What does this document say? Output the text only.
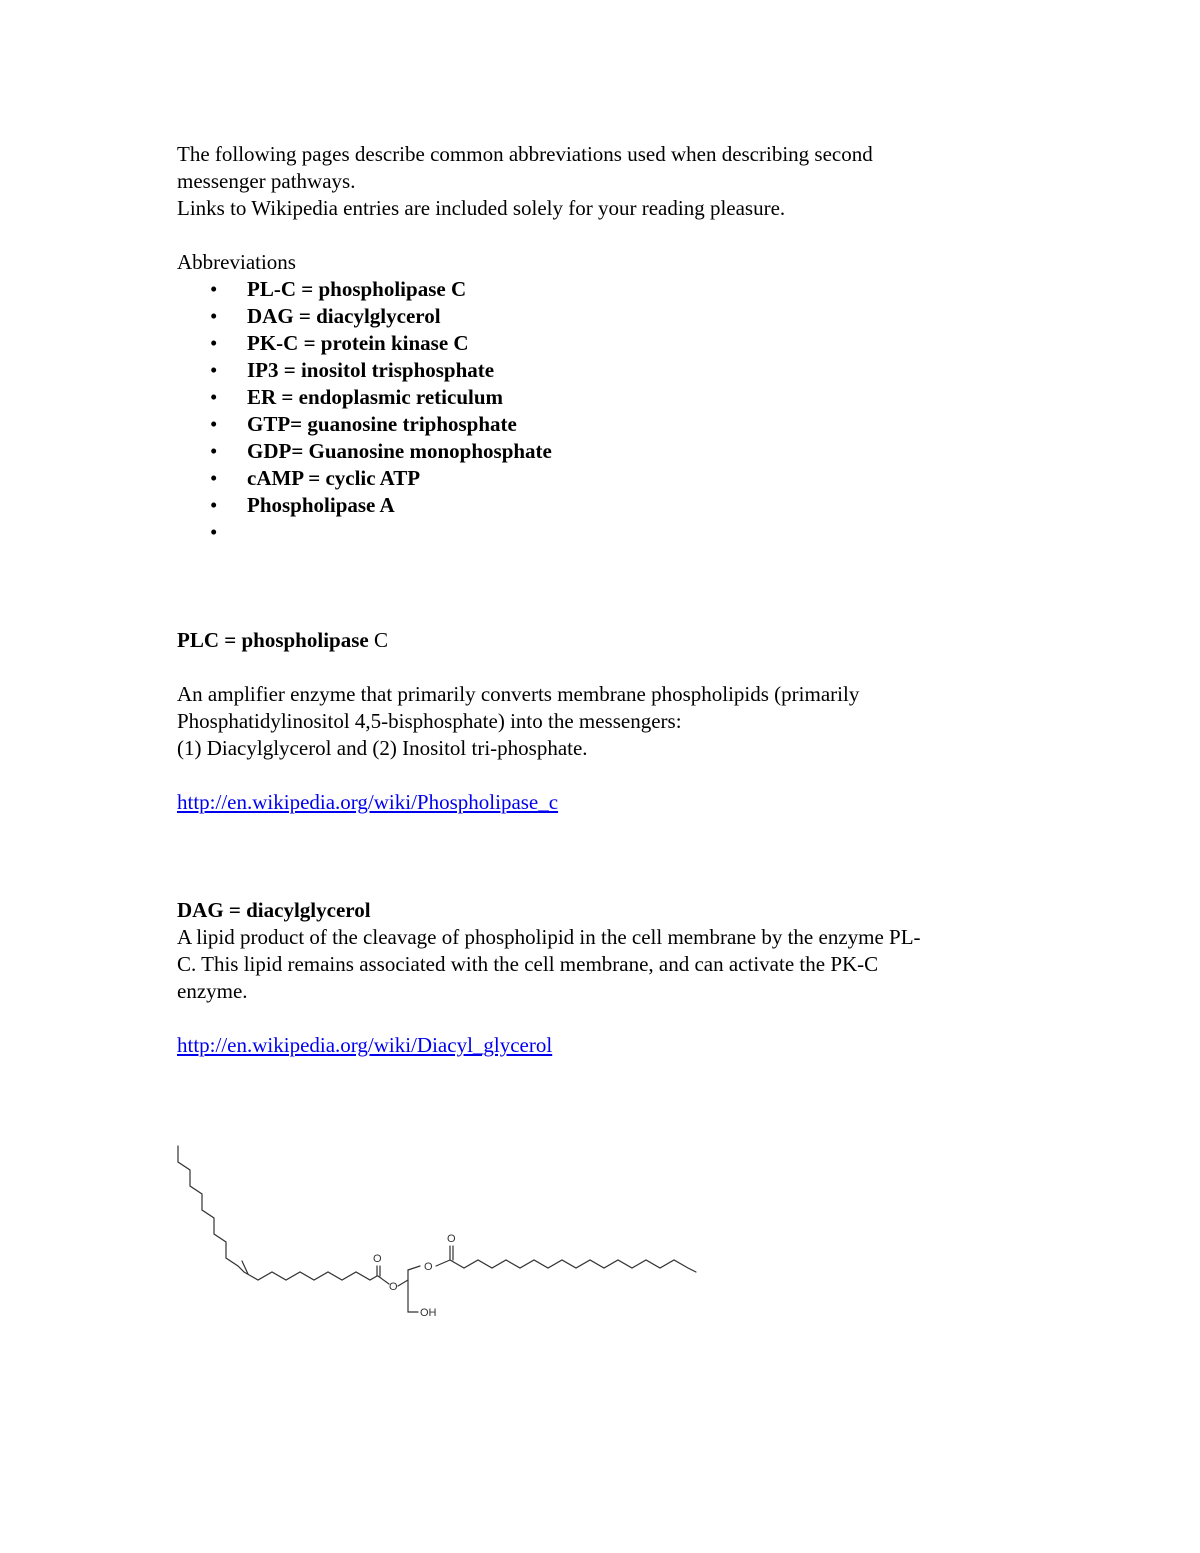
The following pages describe common abbreviations used when describing second

messenger pathways.

Links to Wikipedia entries are included solely for your reading pleasure.

Abbreviations

• PL-C = phospholipase C
• DAG = diacylglycerol
• PK-C = protein kinase C
• IP3 = inositol trisphosphate
• ER = endoplasmic reticulum
• GTP= guanosine triphosphate
• GDP= Guanosine monophosphate
• cAMP = cyclic ATP
• Phospholipase A
•

PLC = phospholipase C

An amplifier enzyme that primarily converts membrane phospholipids (primarily

Phosphatidylinositol 4,5-bisphosphate) into the messengers:

(1) Diacylglycerol and (2) Inositol tri-phosphate.

http://en.wikipedia.org/wiki/Phospholipase_c

DAG = diacylglycerol

A lipid product of the cleavage of phospholipid in the cell membrane by the enzyme PL-

C. This lipid remains associated with the cell membrane, and can activate the PK-C

enzyme.

http://en.wikipedia.org/wiki/Diacyl_glycerol

O
O
O
O
OH
